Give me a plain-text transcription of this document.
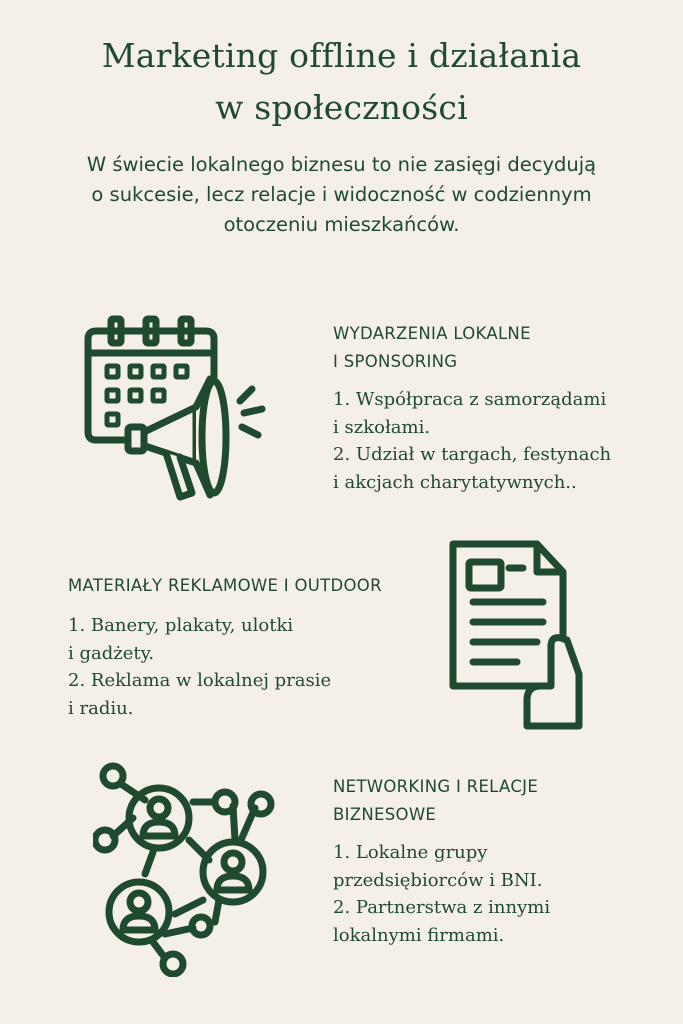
Marketing offline i działania
w społeczności

W świecie lokalnego biznesu to nie zasięgi decydują
o sukcesie, lecz relacje i widoczność w codziennym
otoczeniu mieszkańców.

WYDARZENIA LOKALNE
I SPONSORING
1. Współpraca z samorządami
i szkołami.
2. Udział w targach, festynach
i akcjach charytatywnych..
MATERIAŁY REKLAMOWE I OUTDOOR
1. Banery, plakaty, ulotki
i gadżety.
2. Reklama w lokalnej prasie
i radiu.
NETWORKING I RELACJE
BIZNESOWE
1. Lokalne grupy
przedsiębiorców i BNI.
2. Partnerstwa z innymi
lokalnymi firmami.
